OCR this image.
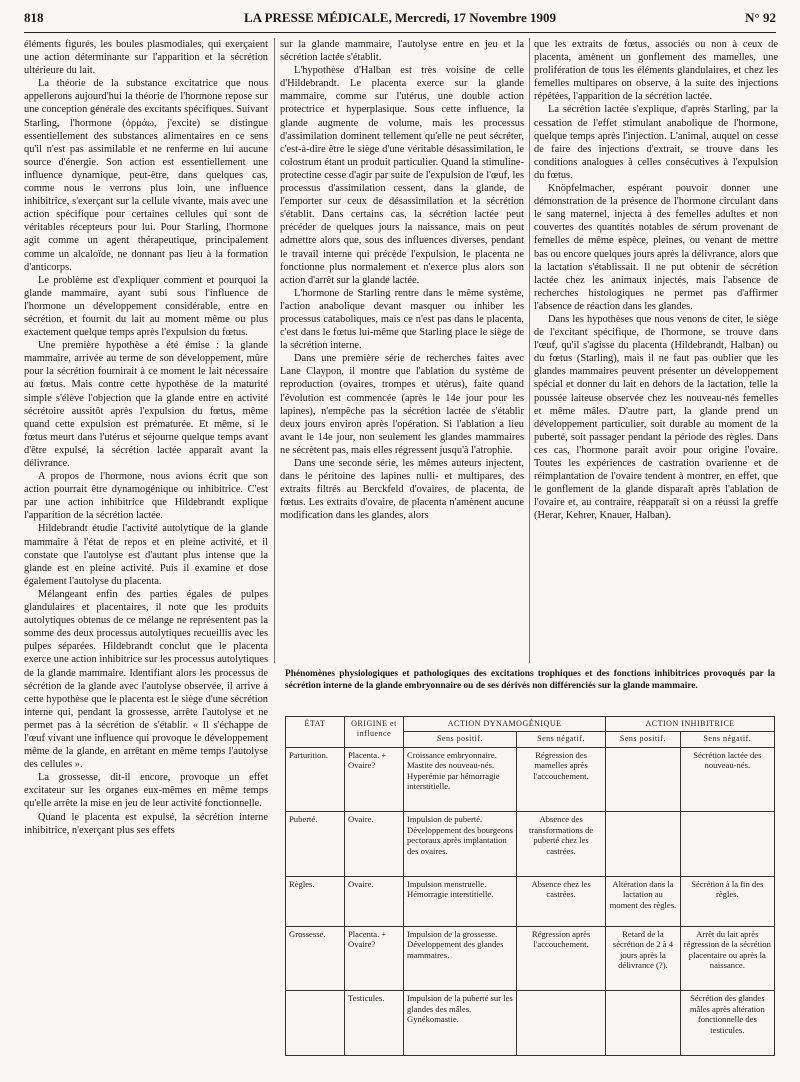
818	LA PRESSE MÉDICALE, Mercredi, 17 Novembre 1909	N° 92

éléments figurés, les boules plasmodiales, qui exerçaient une action déterminante sur l'apparition et la sécrétion ultérieure du lait.

La théorie de la substance excitatrice que nous appellerons aujourd'hui la théorie de l'hormone repose sur une conception générale des excitants spécifiques. Suivant Starling, l'hormone (ὁρμάω, j'excite) se distingue essentiellement des substances alimentaires en ce sens qu'il n'est pas assimilable et ne renferme en lui aucune source d'énergie. Son action est essentiellement une influence dynamique, peut-être, dans quelques cas, comme nous le verrons plus loin, une influence inhibitrice, s'exerçant sur la cellule vivante, mais avec une action spécifique pour certaines cellules qui sont de véritables récepteurs pour lui. Pour Starling, l'hormone agit comme un agent thérapeutique, principalement comme un alcaloïde, ne donnant pas lieu à la formation d'anticorps.

Le problème est d'expliquer comment et pourquoi la glande mammaire, ayant subi sous l'influence de l'hormone un développement considérable, entre en sécrétion, et fournit du lait au moment même ou plus exactement quelque temps après l'expulsion du fœtus.

Une première hypothèse a été émise : la glande mammaire, arrivée au terme de son développement, mûre pour la sécrétion fournirait à ce moment le lait nécessaire au fœtus. Mais contre cette hypothèse de la maturité simple s'élève l'objection que la glande entre en activité sécrétoire aussitôt après l'expulsion du fœtus, même quand cette expulsion est prématurée. Et même, si le fœtus meurt dans l'utérus et séjourne quelque temps avant d'être expulsé, la sécrétion lactée apparaît avant la délivrance.

A propos de l'hormone, nous avions écrit que son action pourrait être dynamogénique ou inhibitrice. C'est par une action inhibitrice que Hildebrandt explique l'apparition de la sécrétion lactée.

Hildebrandt étudie l'activité autolytique de la glande mammaire à l'état de repos et en pleine activité, et il constate que l'autolyse est d'autant plus intense que la glande est en pleine activité. Puis il examine et dose également l'autolyse du placenta.

Mélangeant enfin des parties égales de pulpes glandulaires et placentaires, il note que les produits autolytiques obtenus de ce mélange ne représentent pas la somme des deux processus autolytiques recueillis avec les pulpes séparées. Hildebrandt conclut que le placenta exerce une action inhibitrice sur les processus autolytiques de la glande mammaire. Identifiant alors les processus de sécrétion de la glande avec l'autolyse observée, il arrive à cette hypothèse que le placenta est le siège d'une sécrétion interne qui, pendant la grossesse, arrête l'autolyse et ne permet pas à la sécrétion de s'établir. « Il s'échappe de l'œuf vivant une influence qui provoque le développement même de la glande, en arrêtant en même temps l'autolyse des cellules ».

La grossesse, dit-il encore, provoque un effet excitateur sur les organes eux-mêmes en même temps qu'elle arrête la mise en jeu de leur activité fonctionnelle.

Quand le placenta est expulsé, la sécrétion interne inhibitrice, n'exerçant plus ses effets

sur la glande mammaire, l'autolyse entre en jeu et la sécrétion lactée s'établit.

L'hypothèse d'Halban est très voisine de celle d'Hildebrandt. Le placenta exerce sur la glande mammaire, comme sur l'utérus, une double action protectrice et hyperplasique. Sous cette influence, la glande augmente de volume, mais les processus d'assimilation dominent tellement qu'elle ne peut sécréter, c'est-à-dire être le siège d'une véritable désassimilation, le colostrum étant un produit particulier. Quand la stimuline-protectine cesse d'agir par suite de l'expulsion de l'œuf, les processus d'assimilation cessent, dans la glande, de l'emporter sur ceux de désassimilation et la sécrétion s'établit. Dans certains cas, la sécrétion lactée peut précéder de quelques jours la naissance, mais on peut admettre alors que, sous des influences diverses, pendant le travail interne qui précède l'expulsion, le placenta ne fonctionne plus normalement et n'exerce plus alors son action d'arrêt sur la glande lactée.

L'hormone de Starling rentre dans le même système, l'action anabolique devant masquer ou inhiber les processus cataboliques, mais ce n'est pas dans le placenta, c'est dans le fœtus lui-même que Starling place le siège de la sécrétion interne.

Dans une première série de recherches faites avec Lane Claypon, il montre que l'ablation du système de reproduction (ovaires, trompes et utérus), faite quand l'évolution est commencée (après le 14e jour pour les lapines), n'empêche pas la sécrétion lactée de s'établir deux jours environ après l'opération. Si l'ablation a lieu avant le 14e jour, non seulement les glandes mammaires ne sécrètent pas, mais elles régressent jusqu'à l'atrophie.

Dans une seconde série, les mêmes auteurs injectent, dans le péritoine des lapines nulli- et multipares, des extraits filtrés au Berckfeld d'ovaires, de placenta, de fœtus. Les extraits d'ovaire, de placenta n'amènent aucune modification dans les glandes, alors

que les extraits de fœtus, associés ou non à ceux de placenta, amènent un gonflement des mamelles, une prolifération de tous les éléments glandulaires, et chez les femelles multipares on observe, à la suite des injections répétées, l'apparition de la sécrétion lactée.

La sécrétion lactée s'explique, d'après Starling, par la cessation de l'effet stimulant anabolique de l'hormone, quelque temps après l'injection. L'animal, auquel on cesse de faire des injections d'extrait, se trouve dans les conditions analogues à celles consécutives à l'expulsion du fœtus.

Knöpfelmacher, espérant pouvoir donner une démonstration de la présence de l'hormone circulant dans le sang maternel, injecta à des femelles adultes et non couvertes des quantités notables de sérum provenant de femelles de même espèce, pleines, ou venant de mettre bas ou encore quelques jours après la délivrance, alors que la lactation s'établissait. Il ne put obtenir de sécrétion lactée chez les animaux injectés, mais l'absence de recherches histologiques ne permet pas d'affirmer l'absence de réaction dans les glandes.

Dans les hypothèses que nous venons de citer, le siège de l'excitant spécifique, de l'hormone, se trouve dans l'œuf, qu'il s'agisse du placenta (Hildebrandt, Halban) ou du fœtus (Starling), mais il ne faut pas oublier que les glandes mammaires peuvent présenter un développement spécial et donner du lait en dehors de la lactation, telle la poussée laiteuse observée chez les nouveau-nés femelles et même mâles. D'autre part, la glande prend un développement particulier, soit durable au moment de la puberté, soit passager pendant la période des règles. Dans ces cas, l'hormone paraît avoir pour origine l'ovaire. Toutes les expériences de castration ovarienne et de réimplantation de l'ovaire tendent à montrer, en effet, que le gonflement de la glande disparaît après l'ablation de l'ovaire et, au contraire, réapparaît si on a réussi la greffe (Herar, Kehrer, Knauer, Halban).

Phénomènes physiologiques et pathologiques des excitations trophiques et des fonctions inhibitrices provoqués par la sécrétion interne de la glande embryonnaire ou de ses dérivés non différenciés sur la glande mammaire.
ÉTAT	ORIGINE et influence	ACTION DYNAMOGÉNIQUE		ACTION INHIBITRICE	
		Sens positif.	Sens négatif.	Sens positif.	Sens négatif.
Parturition.	Placenta. + Ovaire?	Croissance embryonnaire. Mastite des nouveau-nés. Hyperémie par hémorragie interstitielle.	Régression des mamelles après l'accouchement.		Sécrétion lactée des nouveau-nés.
Puberté.	Ovaire.	Impulsion de puberté. Développement des bourgeons pectoraux après implantation des ovaires.	Absence des transformations de puberté chez les castrées.		
Règles.	Ovaire.	Impulsion menstruelle. Hémorragie interstitielle.	Absence chez les castrées.	Altération dans la lactation au moment des règles.	Sécrétion à la fin des règles.
Grossesse.	Placenta. + Ovaire?	Impulsion de la grossesse. Développement des glandes mammaires.	Régression après l'accouchement.	Retard de la sécrétion de 2 à 4 jours après la délivrance (?).	Arrêt du lait après régression de la sécrétion placentaire ou après la naissance.
	Testicules.	Impulsion de la puberté sur les glandes des mâles. Gynékomastie.			Sécrétion des glandes mâles après altération fonctionnelle des testicules.
